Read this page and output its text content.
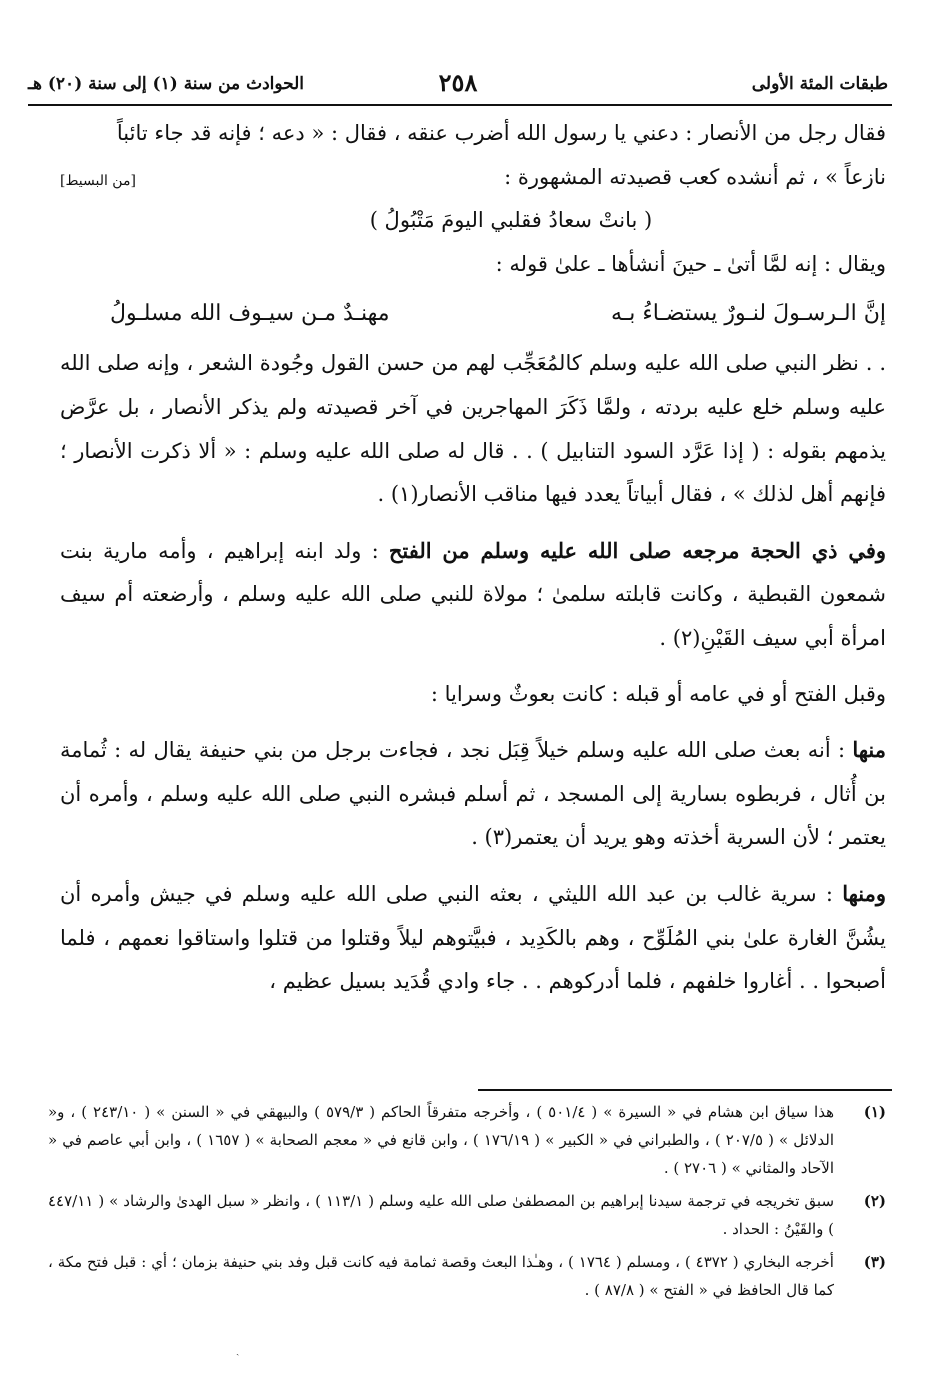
طبقات المئة الأولى
٢٥٨
الحوادث من سنة (١) إلى سنة (٢٠) هـ

فقال رجل من الأنصار : دعني يا رسول الله أضرب عنقه ، فقال : « دعه ؛ فإنه قد جاء تائباً

[من البسيط]	نازعاً » ، ثم أنشده كعب قصيدته المشهورة :

( بانتْ سعادُ فقلبي اليومَ مَتْبُولُ )

ويقال : إنه لمَّا أتىٰ ـ حينَ أنشأها ـ علىٰ قوله :

إنَّ الـرسـولَ لنـورٌ يستضـاءُ بـه
مهنـدٌ مـن سيـوف الله مسلـولُ

. . نظر النبي صلى الله عليه وسلم كالمُعَجِّب لهم من حسن القول وجُودة الشعر ، وإنه صلى الله عليه وسلم خلع عليه بردته ، ولمَّا ذَكَرَ المهاجرين في آخر قصيدته ولم يذكر الأنصار ، بل عرَّض يذمهم بقوله : ( إذا عَرَّد السود التنابيل ) . . قال له صلى الله عليه وسلم : « ألا ذكرت الأنصار ؛ فإنهم أهل لذلك » ، فقال أبياتاً يعدد فيها مناقب الأنصار(١) .

وفي ذي الحجة مرجعه صلى الله عليه وسلم من الفتح : ولد ابنه إبراهيم ، وأمه مارية بنت شمعون القبطية ، وكانت قابلته سلمىٰ ؛ مولاة للنبي صلى الله عليه وسلم ، وأرضعته أم سيف امرأة أبي سيف القَيْنِ(٢) .

وقبل الفتح أو في عامه أو قبله : كانت بعوثٌ وسرايا :

منها : أنه بعث صلى الله عليه وسلم خيلاً قِبَل نجد ، فجاءت برجل من بني حنيفة يقال له : ثُمامة بن أُثال ، فربطوه بسارية إلى المسجد ، ثم أسلم فبشره النبي صلى الله عليه وسلم ، وأمره أن يعتمر ؛ لأن السرية أخذته وهو يريد أن يعتمر(٣) .

ومنها : سرية غالب بن عبد الله الليثي ، بعثه النبي صلى الله عليه وسلم في جيش وأمره أن يشُنَّ الغارة علىٰ بني المُلَوِّح ، وهم بالكَدِيد ، فبيَّتوهم ليلاً وقتلوا من قتلوا واستاقوا نعمهم ، فلما أصبحوا . . أغاروا خلفهم ، فلما أدركوهم . . جاء وادي قُدَيد بسيل عظيم ،

(١)
هذا سياق ابن هشام في « السيرة » ( ٥٠١/٤ ) ، وأخرجه متفرقاً الحاكم ( ٥٧٩/٣ ) والبيهقي في « السنن » ( ٢٤٣/١٠ ) ، و« الدلائل » ( ٢٠٧/٥ ) ، والطبراني في « الكبير » ( ١٧٦/١٩ ) ، وابن قانع في « معجم الصحابة » ( ١٦٥٧ ) ، وابن أبي عاصم في « الآحاد والمثاني » ( ٢٧٠٦ ) .
(٢)
سبق تخريجه في ترجمة سيدنا إبراهيم بن المصطفىٰ صلى الله عليه وسلم ( ١١٣/١ ) ، وانظر « سبل الهدىٰ والرشاد » ( ٤٤٧/١١ ) والقَيْنُ : الحداد .
(٣)
أخرجه البخاري ( ٤٣٧٢ ) ، ومسلم ( ١٧٦٤ ) ، وهـٰذا البعث وقصة ثمامة فيه كانت قبل وفد بني حنيفة بزمان ؛ أي : قبل فتح مكة ، كما قال الحافظ في « الفتح » ( ٨٧/٨ ) .
ˏ
